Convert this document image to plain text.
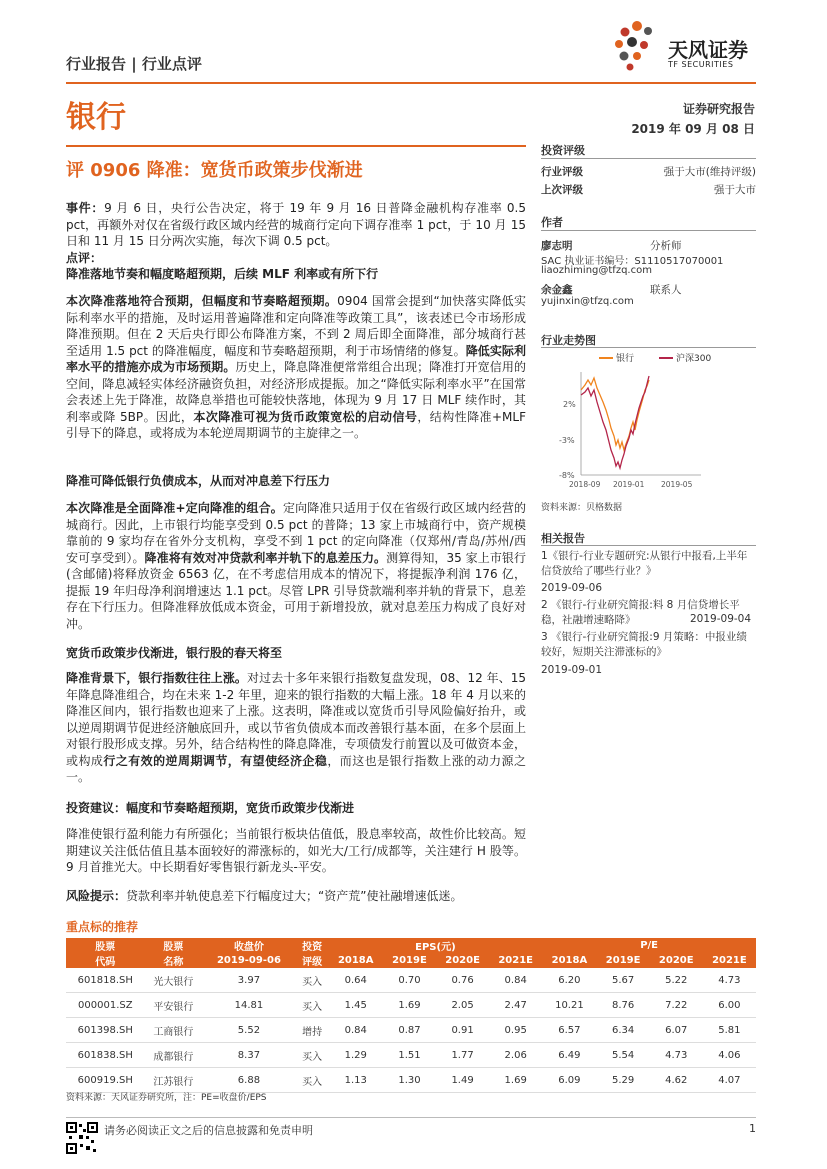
天风证券
TF SECURITIES
行业报告 | 行业点评
银行	证券研究报告
2019 年 09 月 08 日
评 0906 降准：宽货币政策步伐渐进
投资评级
行业评级	强于大市(维持评级)
上次评级	强于大市
作者
廖志明	分析师
SAC 执业证书编号：S1110517070001
liaozhiming@tfzq.com
余金鑫	联系人
yujinxin@tfzq.com
行业走势图
银行	沪深300
2%
-3%
-8%
2018-09 2019-01 2019-05
资料来源：贝格数据
相关报告
1《银行-行业专题研究:从银行中报看,上半年信贷放给了哪些行业？》
2019-09-06
2 《银行-行业研究简报:料 8 月信贷增长平稳，社融增速略降》	2019-09-04
3 《银行-行业研究简报:9 月策略：中报业绩较好，短期关注滞涨标的》
2019-09-01

事件：9 月 6 日，央行公告决定，将于 19 年 9 月 16 日普降金融机构存准率 0.5 pct，再额外对仅在省级行政区域内经营的城商行定向下调存准率 1 pct，于 10 月 15 日和 11 月 15 日分两次实施，每次下调 0.5 pct。

点评：

降准落地节奏和幅度略超预期，后续 MLF 利率或有所下行

本次降准落地符合预期，但幅度和节奏略超预期。0904 国常会提到“加快落实降低实际利率水平的措施，及时运用普遍降准和定向降准等政策工具”，该表述已令市场形成降准预期。但在 2 天后央行即公布降准方案，不到 2 周后即全面降准，部分城商行甚至适用 1.5 pct 的降准幅度，幅度和节奏略超预期，利于市场情绪的修复。降低实际利率水平的措施亦成为市场预期。历史上，降息降准便常常组合出现；降准打开宽信用的空间，降息减轻实体经济融资负担，对经济形成提振。加之“降低实际利率水平”在国常会表述上先于降准，故降息举措也可能较快落地，体现为 9 月 17 日 MLF 续作时，其利率或降 5BP。因此，本次降准可视为货币政策宽松的启动信号，结构性降准+MLF 引导下的降息，或将成为本轮逆周期调节的主旋律之一。

降准可降低银行负债成本，从而对冲息差下行压力

本次降准是全面降准+定向降准的组合。定向降准只适用于仅在省级行政区域内经营的城商行。因此，上市银行均能享受到 0.5 pct 的普降；13 家上市城商行中，资产规模靠前的 9 家均存在省外分支机构，享受不到 1 pct 的定向降准（仅郑州/青岛/苏州/西安可享受到）。降准将有效对冲贷款利率并轨下的息差压力。测算得知，35 家上市银行(含邮储)将释放资金 6563 亿，在不考虑信用成本的情况下，将提振净利润 176 亿，提振 19 年归母净利润增速达 1.1 pct。尽管 LPR 引导贷款端利率并轨的背景下，息差存在下行压力。但降准释放低成本资金，可用于新增投放，就对息差压力构成了良好对冲。

宽货币政策步伐渐进，银行股的春天将至

降准背景下，银行指数往往上涨。对过去十多年来银行指数复盘发现，08、12 年、15 年降息降准组合，均在未来 1-2 年里，迎来的银行指数的大幅上涨。18 年 4 月以来的降准区间内，银行指数也迎来了上涨。这表明，降准或以宽货币引导风险偏好抬升，或以逆周期调节促进经济触底回升，或以节省负债成本而改善银行基本面，在多个层面上对银行股形成支撑。另外，结合结构性的降息降准，专项债发行前置以及可做资本金，或构成行之有效的逆周期调节，有望使经济企稳，而这也是银行指数上涨的动力源之一。

投资建议：幅度和节奏略超预期，宽货币政策步伐渐进
降准使银行盈利能力有所强化；当前银行板块估值低，股息率较高，故性价比较高。短期建议关注低估值且基本面较好的滞涨标的，如光大/工行/成都等，关注建行 H 股等。9 月首推光大。中长期看好零售银行新龙头-平安。

风险提示：贷款利率并轨使息差下行幅度过大；“资产荒”使社融增速低迷。

重点标的推荐
股票	股票	收盘价	投资	EPS(元)				P/E			
代码	名称	2019-09-06	评级	2018A	2019E	2020E	2021E	2018A	2019E	2020E	2021E
601818.SH	光大银行	3.97	买入	0.64	0.70	0.76	0.84	6.20	5.67	5.22	4.73
000001.SZ	平安银行	14.81	买入	1.45	1.69	2.05	2.47	10.21	8.76	7.22	6.00
601398.SH	工商银行	5.52	增持	0.84	0.87	0.91	0.95	6.57	6.34	6.07	5.81
601838.SH	成都银行	8.37	买入	1.29	1.51	1.77	2.06	6.49	5.54	4.73	4.06
600919.SH	江苏银行	6.88	买入	1.13	1.30	1.49	1.69	6.09	5.29	4.62	4.07
资料来源：天风证券研究所，注：PE=收盘价/EPS
请务必阅读正文之后的信息披露和免责申明	1
